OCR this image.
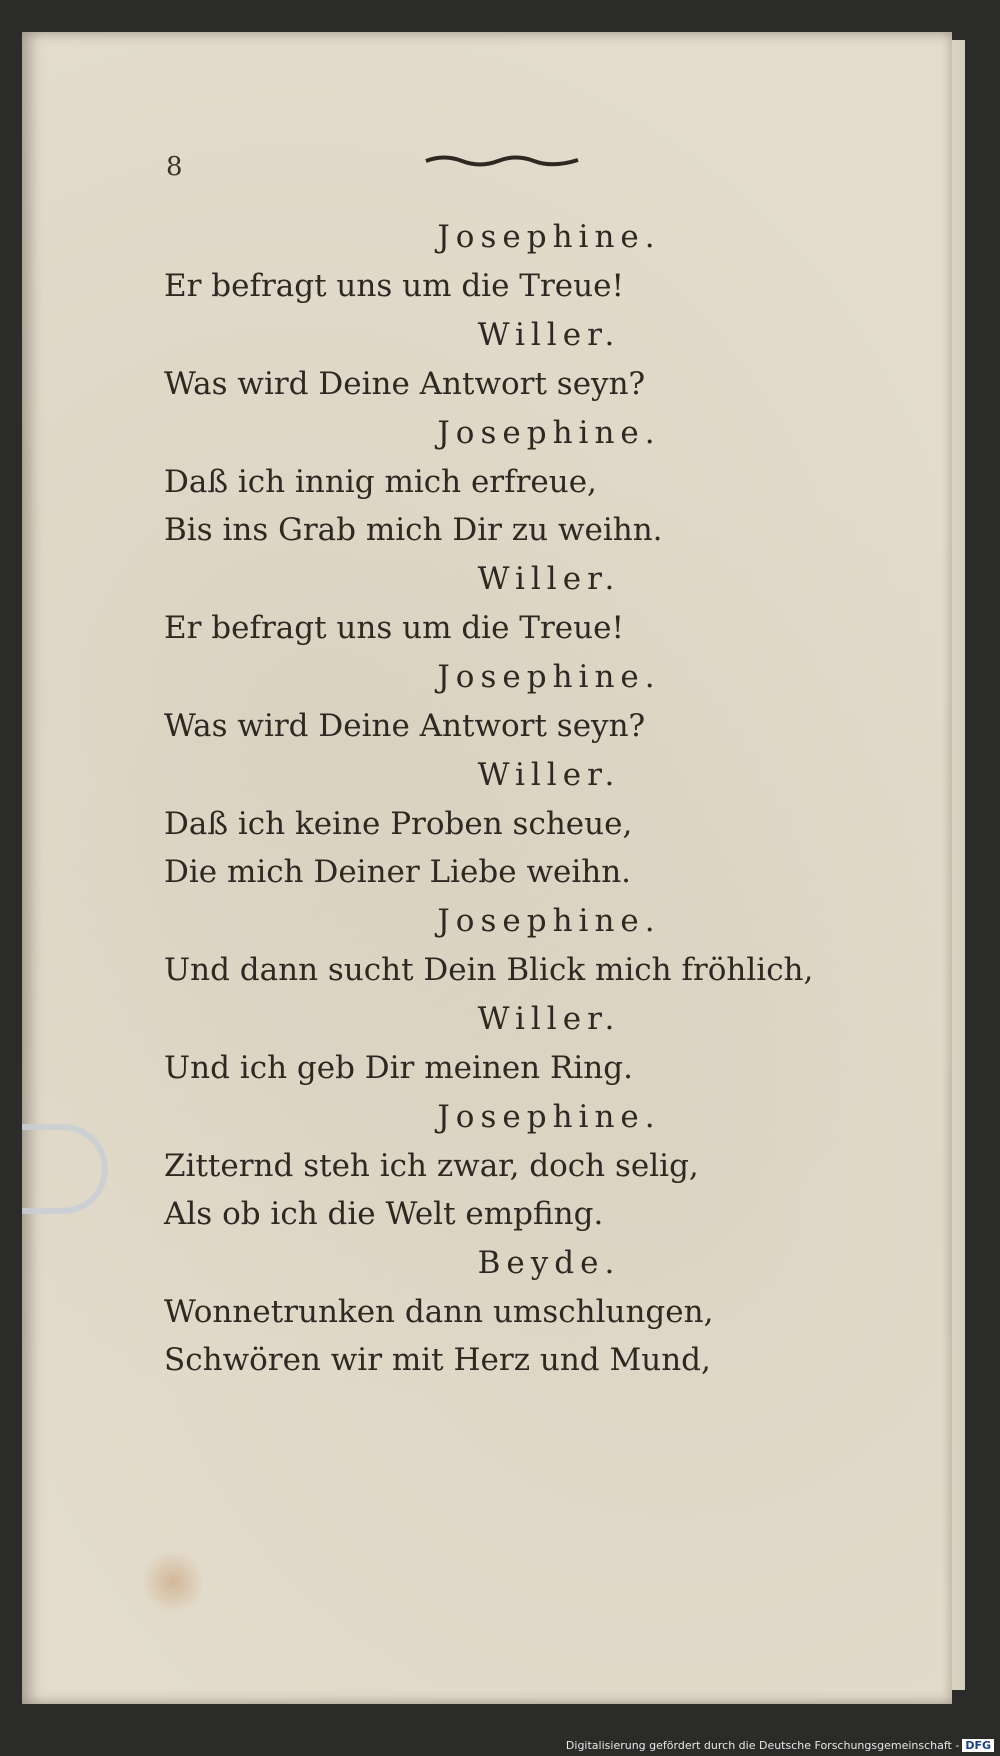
8
Josephine.
Er befragt uns um die Treue!
Willer.
Was wird Deine Antwort seyn?
Josephine.
Daß ich innig mich erfreue,
Bis ins Grab mich Dir zu weihn.
Willer.
Er befragt uns um die Treue!
Josephine.
Was wird Deine Antwort seyn?
Willer.
Daß ich keine Proben scheue,
Die mich Deiner Liebe weihn.
Josephine.
Und dann sucht Dein Blick mich fröhlich,
Willer.
Und ich geb Dir meinen Ring.
Josephine.
Zitternd steh ich zwar, doch selig,
Als ob ich die Welt empfing.
Beyde.
Wonnetrunken dann umschlungen,
Schwören wir mit Herz und Mund,
Digitalisierung gefördert durch die Deutsche Forschungsgemeinschaft - DFG
